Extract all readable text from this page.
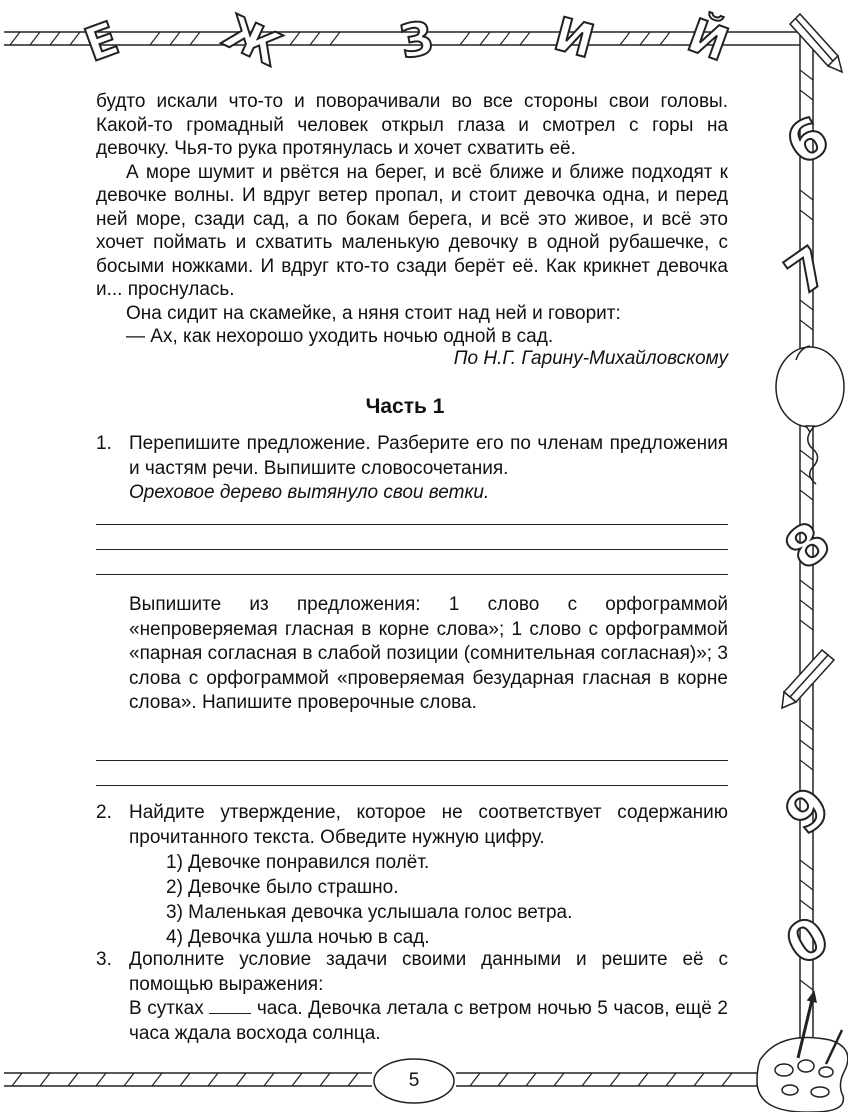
Е Ж З И Й
6
7
8
9
0

будто искали что-то и поворачивали во все стороны свои головы. Какой-то громадный человек открыл глаза и смотрел с горы на девочку. Чья-то рука протянулась и хочет схватить её.

А море шумит и рвётся на берег, и всё ближе и ближе подходят к девочке волны. И вдруг ветер пропал, и стоит девочка одна, и перед ней море, сзади сад, а по бокам берега, и всё это живое, и всё это хочет поймать и схватить маленькую девочку в одной рубашечке, с босыми ножками. И вдруг кто-то сзади берёт её. Как крикнет девочка и... проснулась.

Она сидит на скамейке, а няня стоит над ней и говорит:

— Ах, как нехорошо уходить ночью одной в сад.

По Н.Г. Гарину-Михайловскому
Часть 1
1. Перепишите предложение. Разберите его по членам предложения и частям речи. Выпишите словосочетания.
Ореховое дерево вытянуло свои ветки.
Выпишите из предложения: 1 слово с орфограммой «непроверяемая гласная в корне слова»; 1 слово с орфограммой «парная согласная в слабой позиции (сомнительная согласная)»; 3 слова с орфограммой «проверяемая безударная гласная в корне слова». Напишите проверочные слова.
2. Найдите утверждение, которое не соответствует содержанию прочитанного текста. Обведите нужную цифру.
1) Девочке понравился полёт.
2) Девочке было страшно.
3) Маленькая девочка услышала голос ветра.
4) Девочка ушла ночью в сад.
3. Дополните условие задачи своими данными и решите её с помощью выражения:
В сутках	часа. Девочка летала с ветром ночью 5 часов, ещё 2 часа ждала восхода солнца.
5
